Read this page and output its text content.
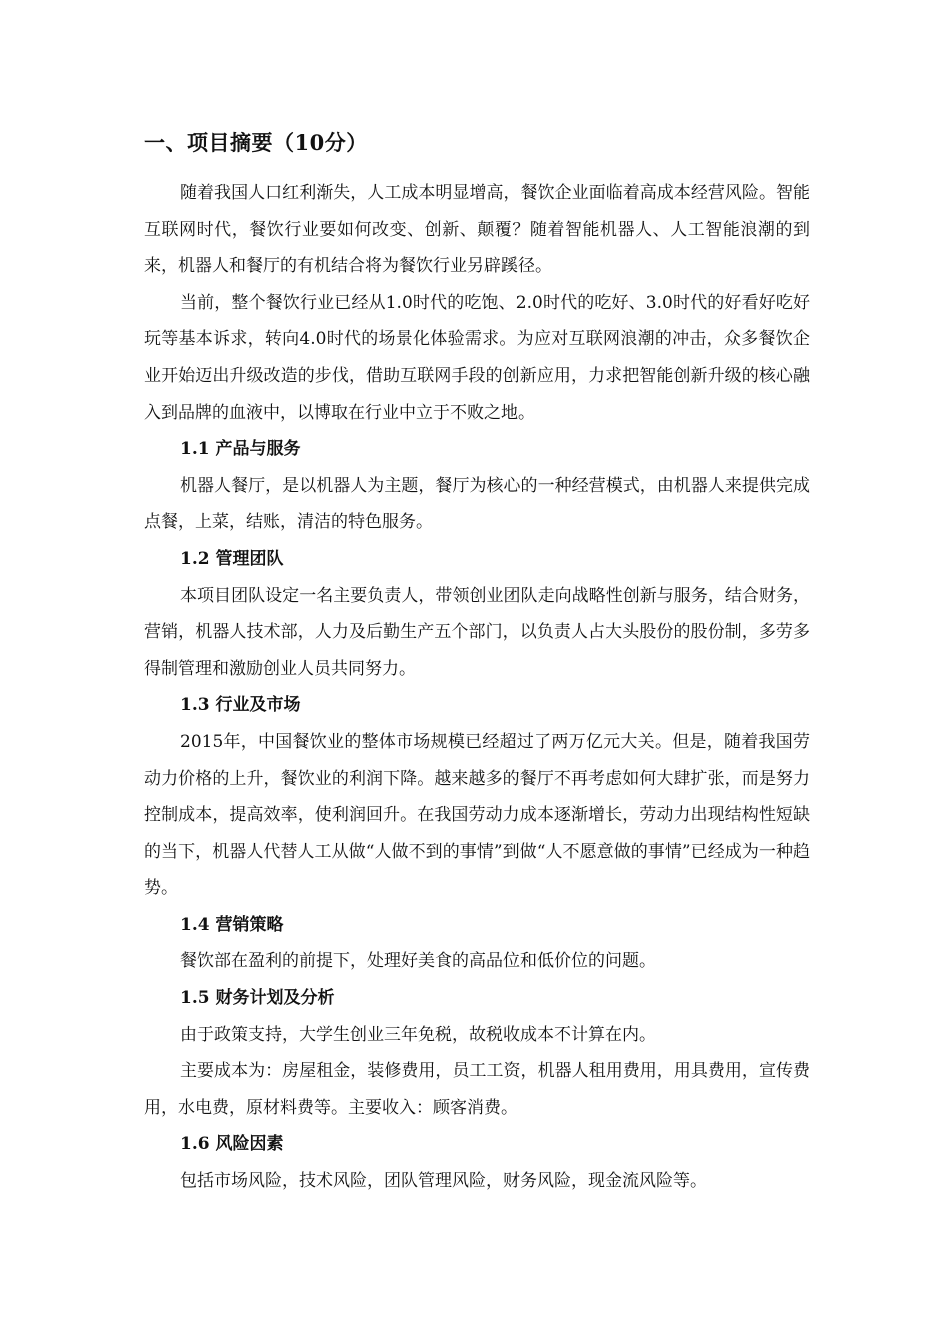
一、项目摘要（10分）

随着我国人口红利渐失，人工成本明显增高，餐饮企业面临着高成本经营风险。智能互联网时代，餐饮行业要如何改变、创新、颠覆？随着智能机器人、人工智能浪潮的到来，机器人和餐厅的有机结合将为餐饮行业另辟蹊径。

当前，整个餐饮行业已经从1.0时代的吃饱、2.0时代的吃好、3.0时代的好看好吃好玩等基本诉求，转向4.0时代的场景化体验需求。为应对互联网浪潮的冲击，众多餐饮企业开始迈出升级改造的步伐，借助互联网手段的创新应用，力求把智能创新升级的核心融入到品牌的血液中，以博取在行业中立于不败之地。

1.1 产品与服务

机器人餐厅，是以机器人为主题，餐厅为核心的一种经营模式，由机器人来提供完成点餐，上菜，结账，清洁的特色服务。

1.2 管理团队

本项目团队设定一名主要负责人，带领创业团队走向战略性创新与服务，结合财务，营销，机器人技术部，人力及后勤生产五个部门，以负责人占大头股份的股份制，多劳多得制管理和激励创业人员共同努力。

1.3 行业及市场

2015年，中国餐饮业的整体市场规模已经超过了两万亿元大关。但是，随着我国劳动力价格的上升，餐饮业的利润下降。越来越多的餐厅不再考虑如何大肆扩张，而是努力控制成本，提高效率，使利润回升。在我国劳动力成本逐渐增长，劳动力出现结构性短缺的当下，机器人代替人工从做“人做不到的事情”到做“人不愿意做的事情”已经成为一种趋势。

1.4 营销策略

餐饮部在盈利的前提下，处理好美食的高品位和低价位的问题。

1.5 财务计划及分析

由于政策支持，大学生创业三年免税，故税收成本不计算在内。

主要成本为：房屋租金，装修费用，员工工资，机器人租用费用，用具费用，宣传费用，水电费，原材料费等。主要收入：顾客消费。

1.6 风险因素

包括市场风险，技术风险，团队管理风险，财务风险，现金流风险等。
